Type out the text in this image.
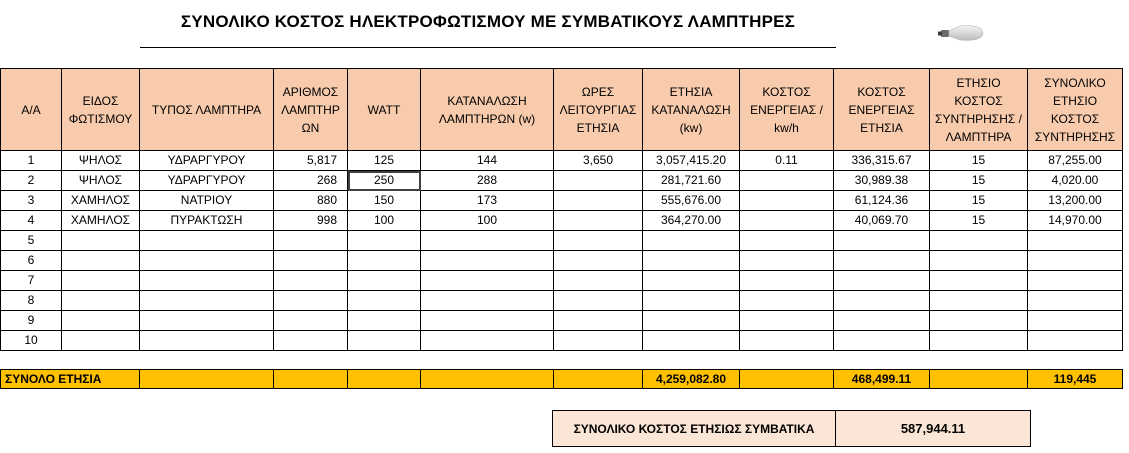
ΣΥΝΟΛΙΚΟ ΚΟΣΤΟΣ ΗΛΕΚΤΡΟΦΩΤΙΣΜΟΥ ΜΕ ΣΥΜΒΑΤΙΚΟΥΣ ΛΑΜΠΤΗΡΕΣ
Α/Α	ΕΙΔΟΣ ΦΩΤΙΣΜΟΥ	ΤΥΠΟΣ ΛΑΜΠΤΗΡΑ	ΑΡΙΘΜΟΣ ΛΑΜΠΤΗΡ ΩΝ	WATT	ΚΑΤΑΝΑΛΩΣΗ ΛΑΜΠΤΗΡΩΝ (w)	ΩΡΕΣ ΛΕΙΤΟΥΡΓΙΑΣ ΕΤΗΣΙΑ	ΕΤΗΣΙΑ ΚΑΤΑΝΑΛΩΣΗ (kw)	ΚΟΣΤΟΣ ΕΝΕΡΓΕΙΑΣ / kw/h	ΚΟΣΤΟΣ ΕΝΕΡΓΕΙΑΣ ΕΤΗΣΙΑ	ΕΤΗΣΙΟ ΚΟΣΤΟΣ ΣΥΝΤΗΡΗΣΗΣ / ΛΑΜΠΤΗΡΑ	ΣΥΝΟΛΙΚΟ ΕΤΗΣΙΟ ΚΟΣΤΟΣ ΣΥΝΤΗΡΗΣΗΣ
1	ΨΗΛΟΣ	ΥΔΡΑΡΓΥΡΟΥ	5,817	125	144	3,650	3,057,415.20	0.11	336,315.67	15	87,255.00
2	ΨΗΛΟΣ	ΥΔΡΑΡΓΥΡΟΥ	268	250	288		281,721.60		30,989.38	15	4,020.00
3	ΧΑΜΗΛΟΣ	ΝΑΤΡΙΟΥ	880	150	173		555,676.00		61,124.36	15	13,200.00
4	ΧΑΜΗΛΟΣ	ΠΥΡΑΚΤΩΣΗ	998	100	100		364,270.00		40,069.70	15	14,970.00
5											
6											
7											
8											
9											
10											

ΣΥΝΟΛΟ ΕΤΗΣΙΑ							4,259,082.80		468,499.11		119,445
ΣΥΝΟΛΙΚΟ ΚΟΣΤΟΣ ΕΤΗΣΙΩΣ ΣΥΜΒΑΤΙΚΑ	587,944.11
